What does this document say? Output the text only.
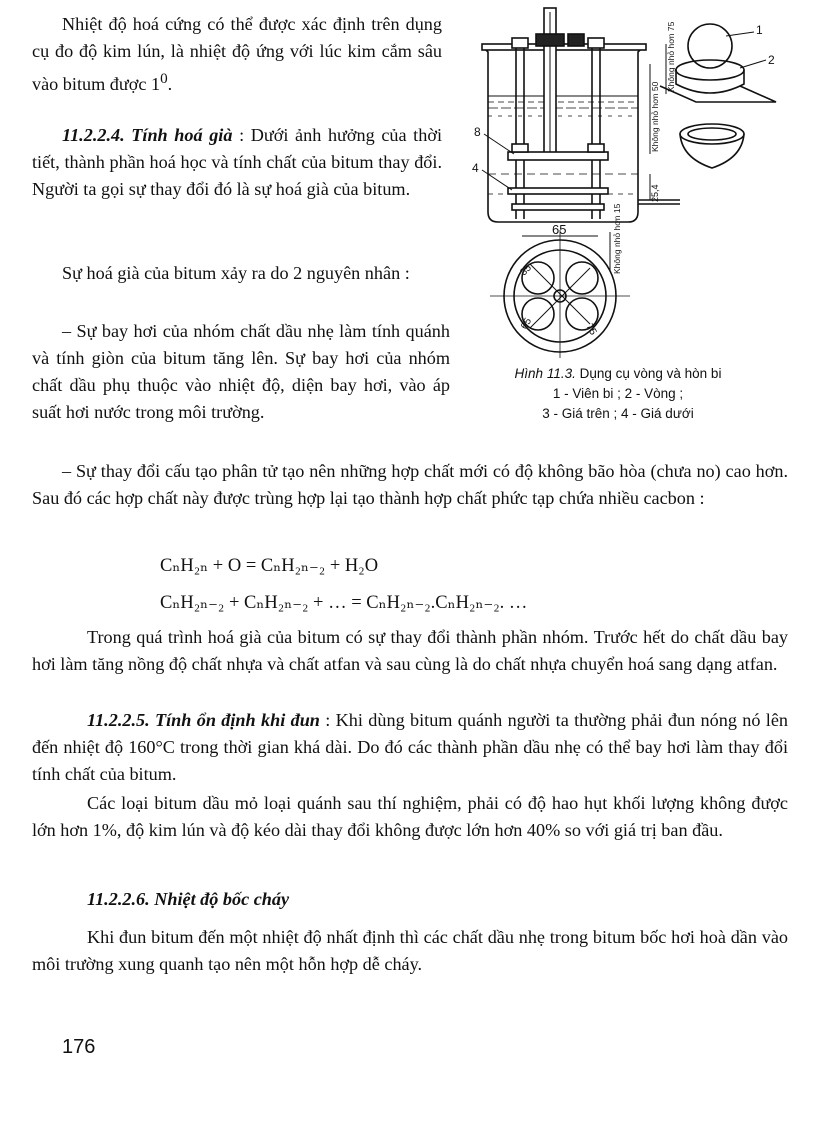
Nhiệt độ hoá cứng có thể được xác định trên dụng cụ đo độ kim lún, là nhiệt độ ứng với lúc kim cắm sâu vào bitum được $1^0$.

11.2.2.4. Tính hoá già : Dưới ảnh hưởng của thời tiết, thành phần hoá học và tính chất của bitum thay đổi. Người ta gọi sự thay đổi đó là sự hoá già của bitum.

Sự hoá già của bitum xảy ra do 2 nguyên nhân :

– Sự bay hơi của nhóm chất dầu nhẹ làm tính quánh và tính giòn của bitum tăng lên. Sự bay hơi của nhóm chất dầu phụ thuộc vào nhiệt độ, diện bay hơi, vào áp suất hơi nước trong môi trường.

1
2
8
4
65
25,4
Không nhỏ hơn 50
Không nhỏ hơn 75
Không nhỏ hơn 15
35
65	75
Hình 11.3. Dụng cụ vòng và hòn bi
1 - Viên bi ; 2 - Vòng ;
3 - Giá trên ; 4 - Giá dưới

– Sự thay đổi cấu tạo phân tử tạo nên những hợp chất mới có độ không bão hòa (chưa no) cao hơn. Sau đó các hợp chất này được trùng hợp lại tạo thành hợp chất phức tạp chứa nhiều cacbon :

CₙH₂ₙ + O = CₙH₂ₙ₋₂ + H₂O
CₙH₂ₙ₋₂ + CₙH₂ₙ₋₂ + … = CₙH₂ₙ₋₂.CₙH₂ₙ₋₂. …

Trong quá trình hoá già của bitum có sự thay đổi thành phần nhóm. Trước hết do chất dầu bay hơi làm tăng nồng độ chất nhựa và chất atfan và sau cùng là do chất nhựa chuyển hoá sang dạng atfan.

11.2.2.5. Tính ổn định khi đun : Khi dùng bitum quánh người ta thường phải đun nóng nó lên đến nhiệt độ 160°C trong thời gian khá dài. Do đó các thành phần dầu nhẹ có thể bay hơi làm thay đổi tính chất của bitum.

Các loại bitum dầu mỏ loại quánh sau thí nghiệm, phải có độ hao hụt khối lượng không được lớn hơn 1%, độ kim lún và độ kéo dài thay đổi không được lớn hơn 40% so với giá trị ban đầu.

11.2.2.6. Nhiệt độ bốc cháy

Khi đun bitum đến một nhiệt độ nhất định thì các chất dầu nhẹ trong bitum bốc hơi hoà dần vào môi trường xung quanh tạo nên một hỗn hợp dễ cháy.

176
